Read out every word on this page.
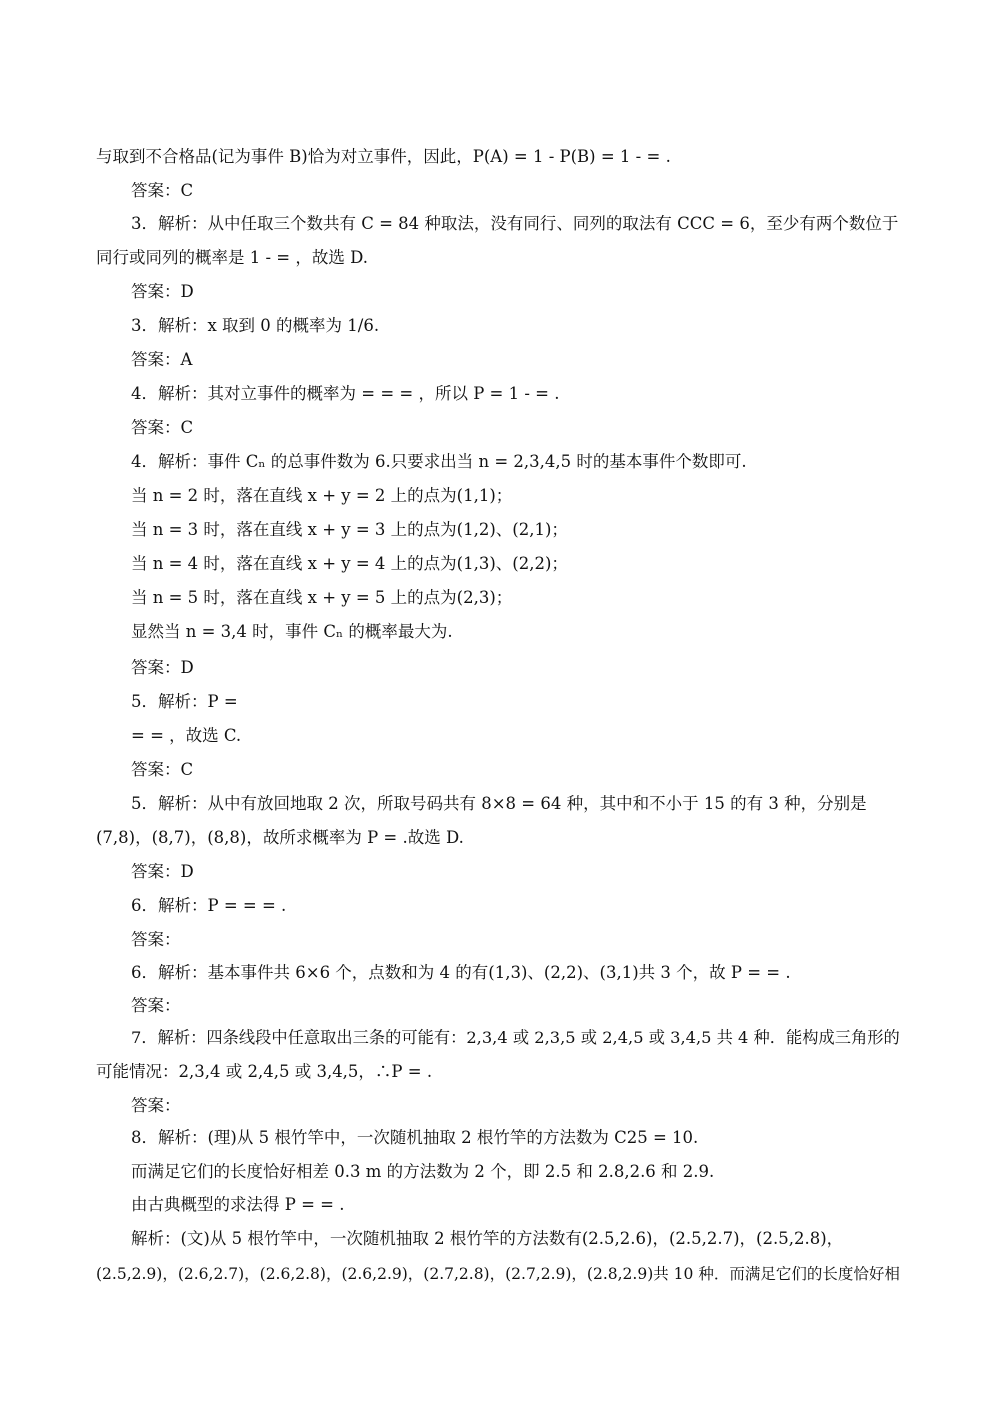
与取到不合格品(记为事件 B)恰为对立事件，因此，P(A) = 1 - P(B) = 1 - = .
答案：C
3．解析：从中任取三个数共有 C = 84 种取法，没有同行、同列的取法有 CCC = 6，至少有两个数位于
同行或同列的概率是 1 - = ，故选 D.
答案：D
3．解析：x 取到 0 的概率为 1/6.
答案：A
4．解析：其对立事件的概率为 = = = ，所以 P = 1 - = .
答案：C
4．解析：事件 Cₙ 的总事件数为 6.只要求出当 n = 2,3,4,5 时的基本事件个数即可.
当 n = 2 时，落在直线 x + y = 2 上的点为(1,1)；
当 n = 3 时，落在直线 x + y = 3 上的点为(1,2)、(2,1)；
当 n = 4 时，落在直线 x + y = 4 上的点为(1,3)、(2,2)；
当 n = 5 时，落在直线 x + y = 5 上的点为(2,3)；
显然当 n = 3,4 时，事件 Cₙ 的概率最大为.
答案：D
5．解析：P =
= = ，故选 C.
答案：C
5．解析：从中有放回地取 2 次，所取号码共有 8×8 = 64 种，其中和不小于 15 的有 3 种，分别是
(7,8)，(8,7)，(8,8)，故所求概率为 P = .故选 D.
答案：D
6．解析：P = = = .
答案：
6．解析：基本事件共 6×6 个，点数和为 4 的有(1,3)、(2,2)、(3,1)共 3 个，故 P = = .
答案：
7．解析：四条线段中任意取出三条的可能有：2,3,4 或 2,3,5 或 2,4,5 或 3,4,5 共 4 种．能构成三角形的
可能情况：2,3,4 或 2,4,5 或 3,4,5，∴P = .
答案：
8．解析：(理)从 5 根竹竿中，一次随机抽取 2 根竹竿的方法数为 C25 = 10.
而满足它们的长度恰好相差 0.3 m 的方法数为 2 个，即 2.5 和 2.8,2.6 和 2.9.
由古典概型的求法得 P = = .
解析：(文)从 5 根竹竿中，一次随机抽取 2 根竹竿的方法数有(2.5,2.6)，(2.5,2.7)，(2.5,2.8)，
(2.5,2.9)，(2.6,2.7)，(2.6,2.8)，(2.6,2.9)，(2.7,2.8)，(2.7,2.9)，(2.8,2.9)共 10 种．而满足它们的长度恰好相
